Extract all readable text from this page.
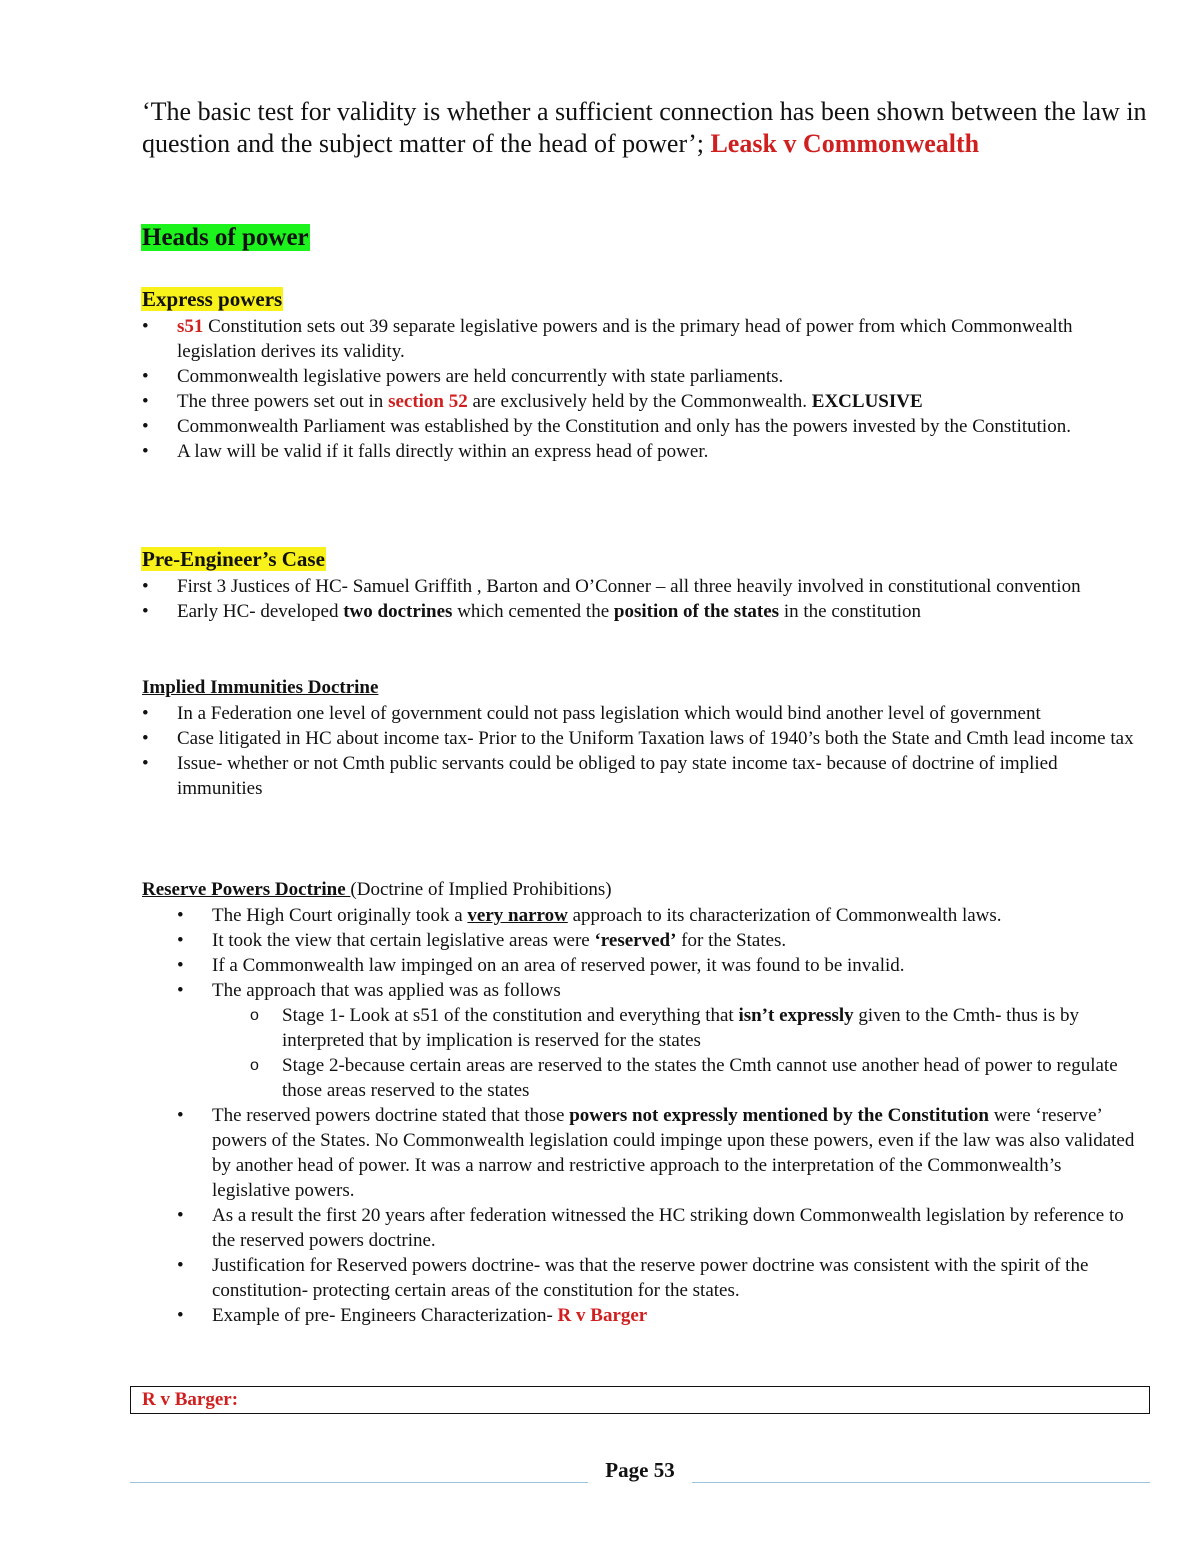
‘The basic test for validity is whether a sufficient connection has been shown between the law in question and the subject matter of the head of power’; Leask v Commonwealth
Heads of power
Express powers
• s51 Constitution sets out 39 separate legislative powers and is the primary head of power from which Commonwealth legislation derives its validity.
• Commonwealth legislative powers are held concurrently with state parliaments.
• The three powers set out in section 52 are exclusively held by the Commonwealth. EXCLUSIVE
• Commonwealth Parliament was established by the Constitution and only has the powers invested by the Constitution.
• A law will be valid if it falls directly within an express head of power.
Pre-Engineer’s Case
• First 3 Justices of HC- Samuel Griffith , Barton and O’Conner – all three heavily involved in constitutional convention
• Early HC- developed two doctrines which cemented the position of the states in the constitution
Implied Immunities Doctrine
• In a Federation one level of government could not pass legislation which would bind another level of government
• Case litigated in HC about income tax- Prior to the Uniform Taxation laws of 1940’s both the State and Cmth lead income tax
• Issue- whether or not Cmth public servants could be obliged to pay state income tax- because of doctrine of implied immunities
Reserve Powers Doctrine (Doctrine of Implied Prohibitions)
• The High Court originally took a very narrow approach to its characterization of Commonwealth laws.
• It took the view that certain legislative areas were ‘reserved’ for the States.
• If a Commonwealth law impinged on an area of reserved power, it was found to be invalid.
• The approach that was applied was as follows
o Stage 1- Look at s51 of the constitution and everything that isn’t expressly given to the Cmth- thus is by interpreted that by implication is reserved for the states
o Stage 2-because certain areas are reserved to the states the Cmth cannot use another head of power to regulate those areas reserved to the states
• The reserved powers doctrine stated that those powers not expressly mentioned by the Constitution were ‘reserve’ powers of the States. No Commonwealth legislation could impinge upon these powers, even if the law was also validated by another head of power. It was a narrow and restrictive approach to the interpretation of the Commonwealth’s legislative powers.
• As a result the first 20 years after federation witnessed the HC striking down Commonwealth legislation by reference to the reserved powers doctrine.
• Justification for Reserved powers doctrine- was that the reserve power doctrine was consistent with the spirit of the constitution- protecting certain areas of the constitution for the states.
• Example of pre- Engineers Characterization- R v Barger
R v Barger:
Page 53
